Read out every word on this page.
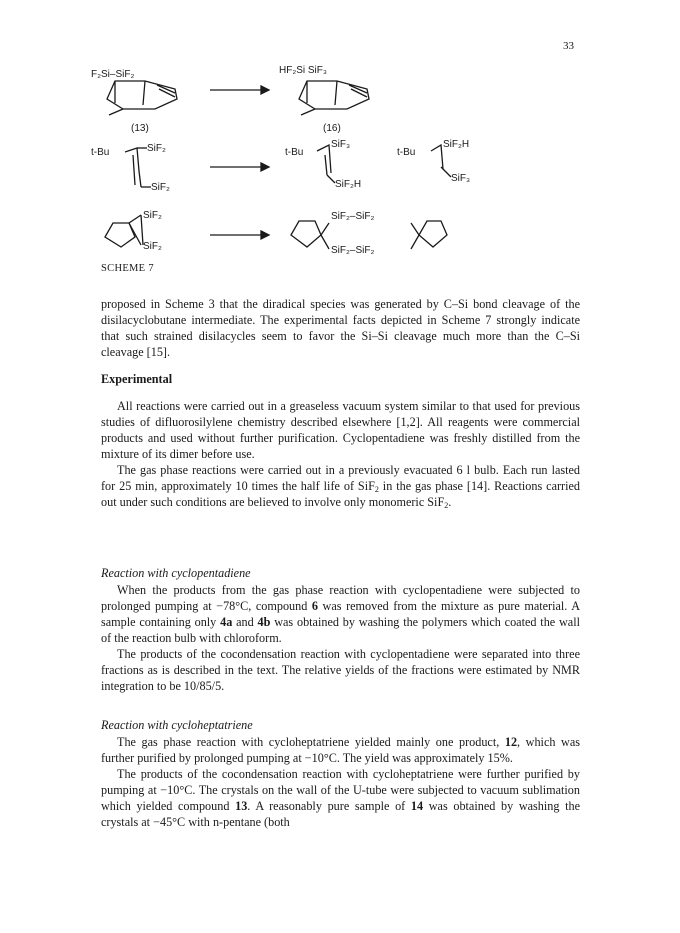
33
F₂Si–SiF₂
(13)
HF₂Si SiF₃
(16)
t-Bu	SiF₂
SiF₂
t-Bu
SiF₃
SiF₂H
t-Bu
SiF₂H
SiF₃
SiF₂
SiF₂
SiF₂–SiF₂
SiF₂–SiF₂
SCHEME 7

proposed in Scheme 3 that the diradical species was generated by C–Si bond cleavage of the disilacyclobutane intermediate. The experimental facts depicted in Scheme 7 strongly indicate that such strained disilacycles seem to favor the Si–Si cleavage much more than the C–Si cleavage [15].

Experimental

All reactions were carried out in a greaseless vacuum system similar to that used for previous studies of difluorosilylene chemistry described elsewhere [1,2]. All reagents were commercial products and used without further purification. Cyclopentadiene was freshly distilled from the mixture of its dimer before use.

The gas phase reactions were carried out in a previously evacuated 6 l bulb. Each run lasted for 25 min, approximately 10 times the half life of SiF$_2$ in the gas phase [14]. Reactions carried out under such conditions are believed to involve only monomeric SiF$_2$.

Reaction with cyclopentadiene

When the products from the gas phase reaction with cyclopentadiene were subjected to prolonged pumping at −78°C, compound 6 was removed from the mixture as pure material. A sample containing only 4a and 4b was obtained by washing the polymers which coated the wall of the reaction bulb with chloroform.

The products of the cocondensation reaction with cyclopentadiene were separated into three fractions as is described in the text. The relative yields of the fractions were estimated by NMR integration to be 10/85/5.

Reaction with cycloheptatriene

The gas phase reaction with cycloheptatriene yielded mainly one product, 12, which was further purified by prolonged pumping at −10°C. The yield was approximately 15%.

The products of the cocondensation reaction with cycloheptatriene were further purified by pumping at −10°C. The crystals on the wall of the U-tube were subjected to vacuum sublimation which yielded compound 13. A reasonably pure sample of 14 was obtained by washing the crystals at −45°C with n-pentane (both
